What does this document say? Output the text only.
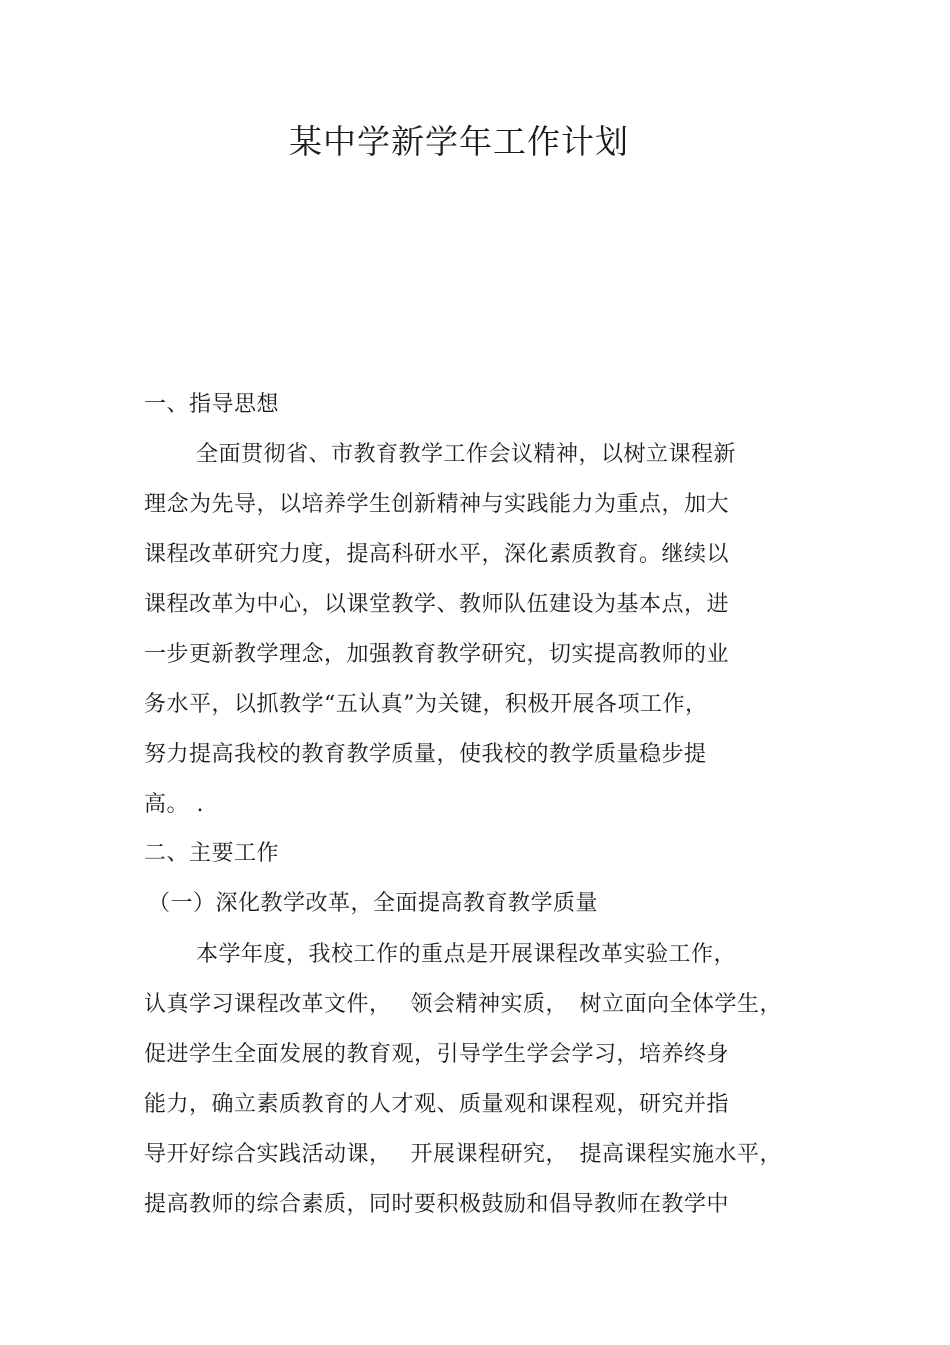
某中学新学年工作计划
一、指导思想
全面贯彻省、市教育教学工作会议精神，以树立课程新
理念为先导，以培养学生创新精神与实践能力为重点，加大
课程改革研究力度，提高科研水平，深化素质教育。继续以
课程改革为中心，以课堂教学、教师队伍建设为基本点，进
一步更新教学理念，加强教育教学研究，切实提高教师的业
务水平，以抓教学“五认真”为关键，积极开展各项工作，
努力提高我校的教育教学质量，使我校的教学质量稳步提
高。 .
二、主要工作
（一）深化教学改革，全面提高教育教学质量
本学年度，我校工作的重点是开展课程改革实验工作，
认真学习课程改革文件，　 领会精神实质，　树立面向全体学生，
促进学生全面发展的教育观，引导学生学会学习，培养终身
能力，确立素质教育的人才观、质量观和课程观，研究并指
导开好综合实践活动课，　 开展课程研究，　提高课程实施水平，
提高教师的综合素质，同时要积极鼓励和倡导教师在教学中
